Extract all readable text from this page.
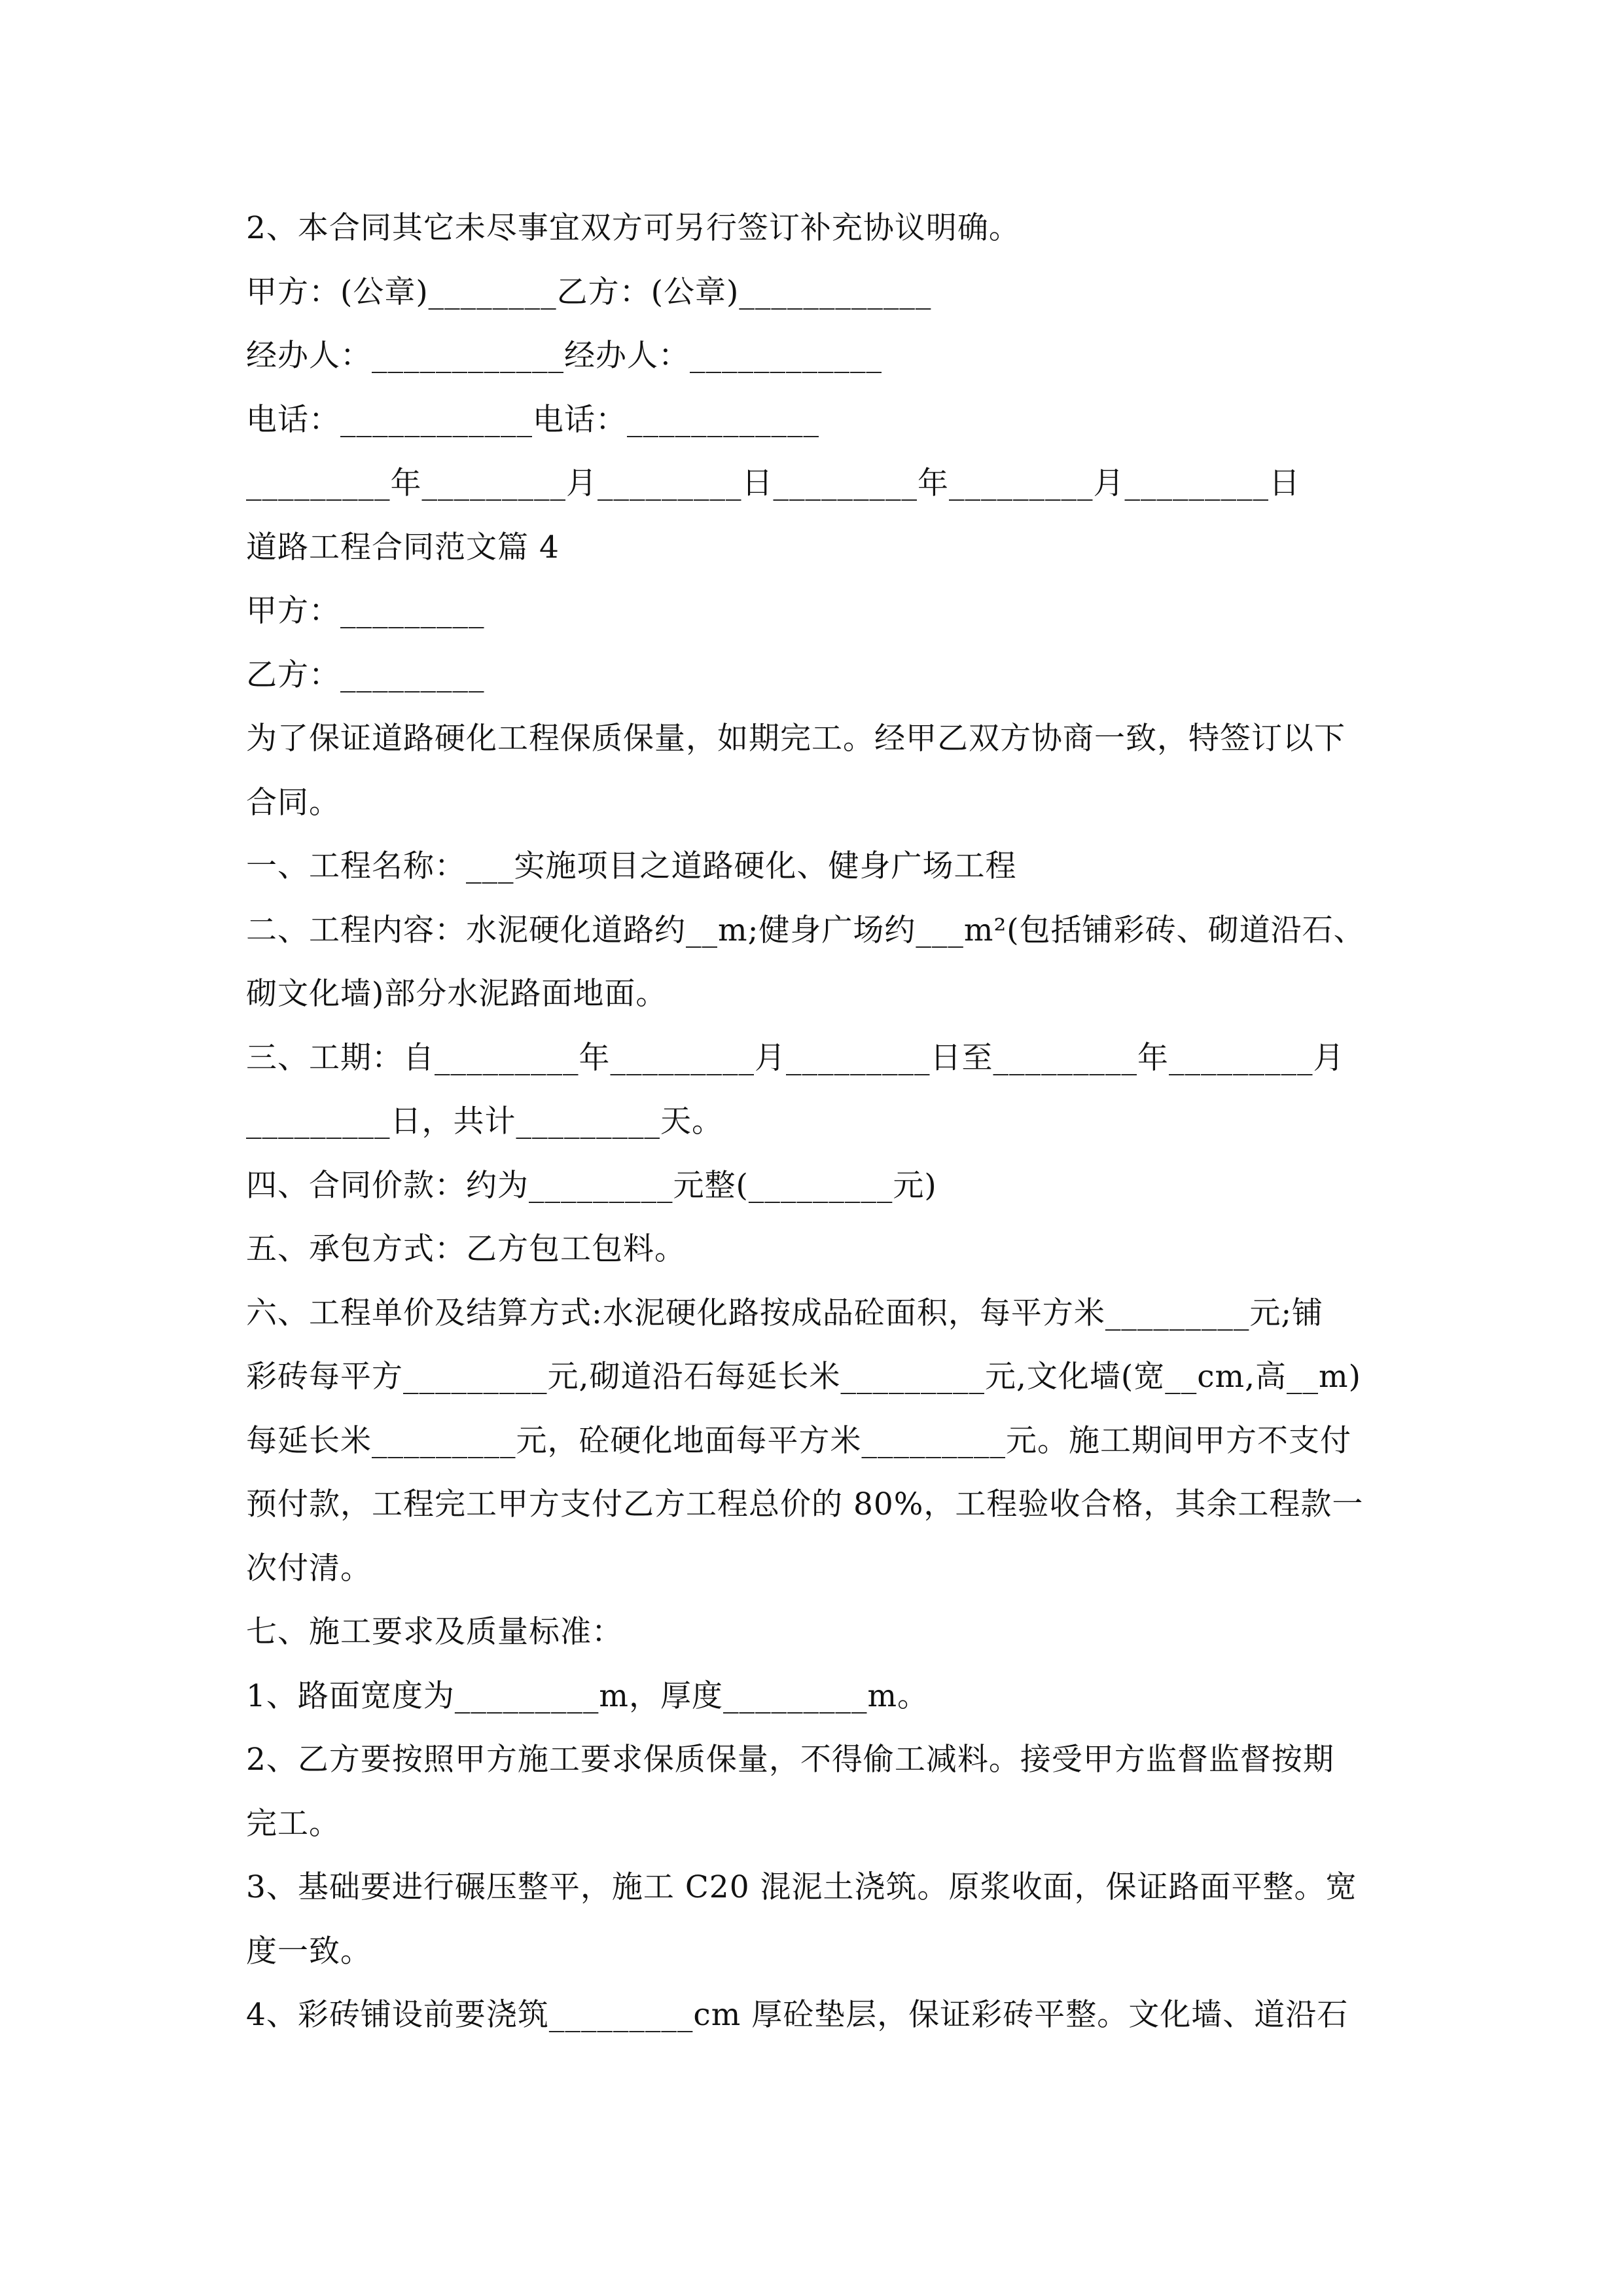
2、本合同其它未尽事宜双方可另行签订补充协议明确。
甲方：(公章)________乙方：(公章)____________
经办人：____________经办人：____________
电话：____________电话：____________
_________年_________月_________日_________年_________月_________日
道路工程合同范文篇 4
甲方：_________
乙方：_________
为了保证道路硬化工程保质保量，如期完工。经甲乙双方协商一致，特签订以下
合同。
一、工程名称：___实施项目之道路硬化、健身广场工程
二、工程内容：水泥硬化道路约__m;健身广场约___m²(包括铺彩砖、砌道沿石、
砌文化墙)部分水泥路面地面。
三、工期：自_________年_________月_________日至_________年_________月
_________日，共计_________天。
四、合同价款：约为_________元整(_________元)
五、承包方式：乙方包工包料。
六、工程单价及结算方式:水泥硬化路按成品砼面积，每平方米_________元;铺
彩砖每平方_________元,砌道沿石每延长米_________元,文化墙(宽__cm,高__m)
每延长米_________元，砼硬化地面每平方米_________元。施工期间甲方不支付
预付款，工程完工甲方支付乙方工程总价的 80%，工程验收合格，其余工程款一
次付清。
七、施工要求及质量标准：
1、路面宽度为_________m，厚度_________m。
2、乙方要按照甲方施工要求保质保量，不得偷工减料。接受甲方监督监督按期
完工。
3、基础要进行碾压整平，施工 C20 混泥土浇筑。原浆收面，保证路面平整。宽
度一致。
4、彩砖铺设前要浇筑_________cm 厚砼垫层，保证彩砖平整。文化墙、道沿石
